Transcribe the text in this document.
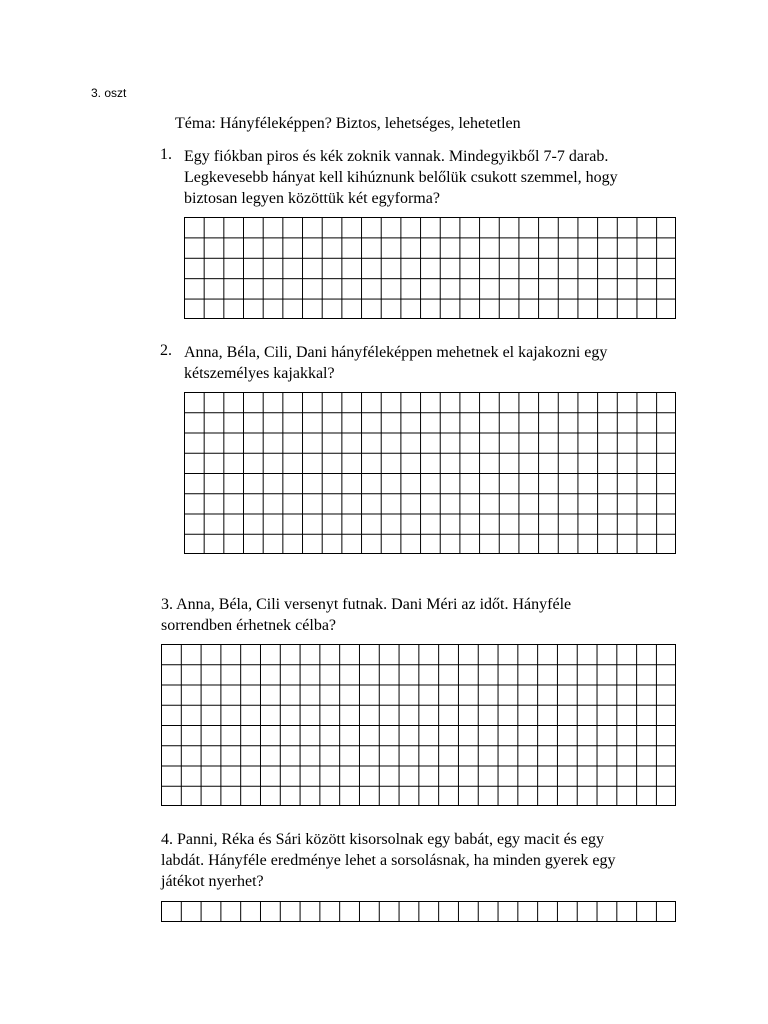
3. oszt
Téma: Hányféleképpen? Biztos, lehetséges, lehetetlen
1. Egy fiókban piros és kék zoknik vannak. Mindegyikből 7-7 darab.
Legkevesebb hányat kell kihúznunk belőlük csukott szemmel, hogy
biztosan legyen közöttük két egyforma?
2. Anna, Béla, Cili, Dani hányféleképpen mehetnek el kajakozni egy
kétszemélyes kajakkal?
3. Anna, Béla, Cili versenyt futnak. Dani Méri az időt. Hányféle
sorrendben érhetnek célba?
4. Panni, Réka és Sári között kisorsolnak egy babát, egy macit és egy
labdát. Hányféle eredménye lehet a sorsolásnak, ha minden gyerek egy
játékot nyerhet?
